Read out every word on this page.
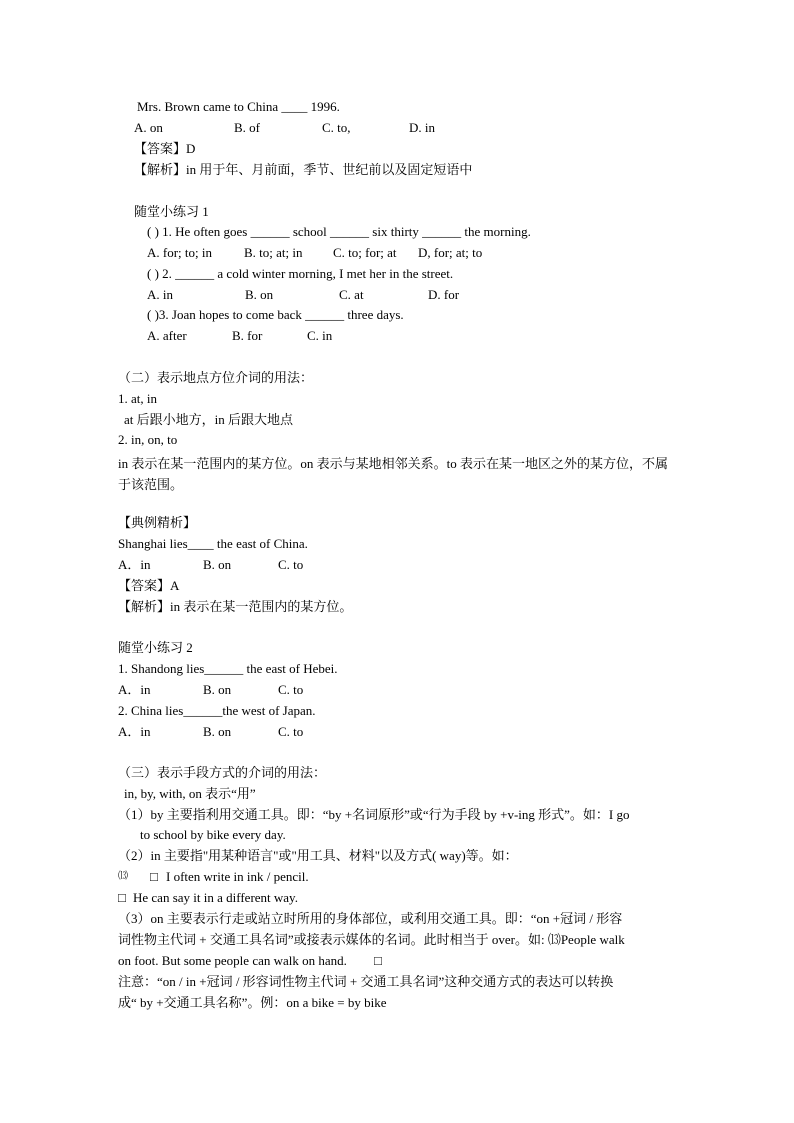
Mrs. Brown came to China ____ 1996.
A. on	B. of	C. to,	D. in
【答案】D
【解析】in 用于年、月前面，季节、世纪前以及固定短语中
随堂小练习 1
( ) 1. He often goes ______ school ______ six thirty ______ the morning.
A. for; to; in B. to; at; in C. to; for; at D, for; at; to
( ) 2. ______ a cold winter morning, I met her in the street.
A. in	B. on	C. at	D. for
( )3. Joan hopes to come back ______ three days.
A. after	B. for	C. in
（二）表示地点方位介词的用法：
1. at, in
at 后跟小地方，in 后跟大地点
2. in, on, to
in 表示在某一范围内的某方位。on 表示与某地相邻关系。to 表示在某一地区之外的某方位，不属于该范围。
【典例精析】
Shanghai lies____ the east of China.
A．in	B. on	C. to
【答案】A
【解析】in 表示在某一范围内的某方位。
随堂小练习 2
1. Shandong lies______ the east of Hebei.
A．in	B. on	C. to
2. China lies______the west of Japan.
A．in	B. on	C. to
（三）表示手段方式的介词的用法：
in, by, with, on 表示“用”
（1）by 主要指利用交通工具。即：“by +名词原形”或“行为手段 by +v-ing 形式”。如：I go
to school by bike every day.
（2）in 主要指"用某种语言"或"用工具、材料"以及方式( way)等。如：
⒀ □ I often write in ink / pencil.
□ He can say it in a different way.
（3）on 主要表示行走或站立时所用的身体部位，或利用交通工具。即：“on +冠词 / 形容
词性物主代词 + 交通工具名词”或接表示媒体的名词。此时相当于 over。如: ⒀People walk
on foot. But some people can walk on hand. □
注意：“on / in +冠词 / 形容词性物主代词 + 交通工具名词”这种交通方式的表达可以转换
成“ by +交通工具名称”。例：on a bike = by bike
